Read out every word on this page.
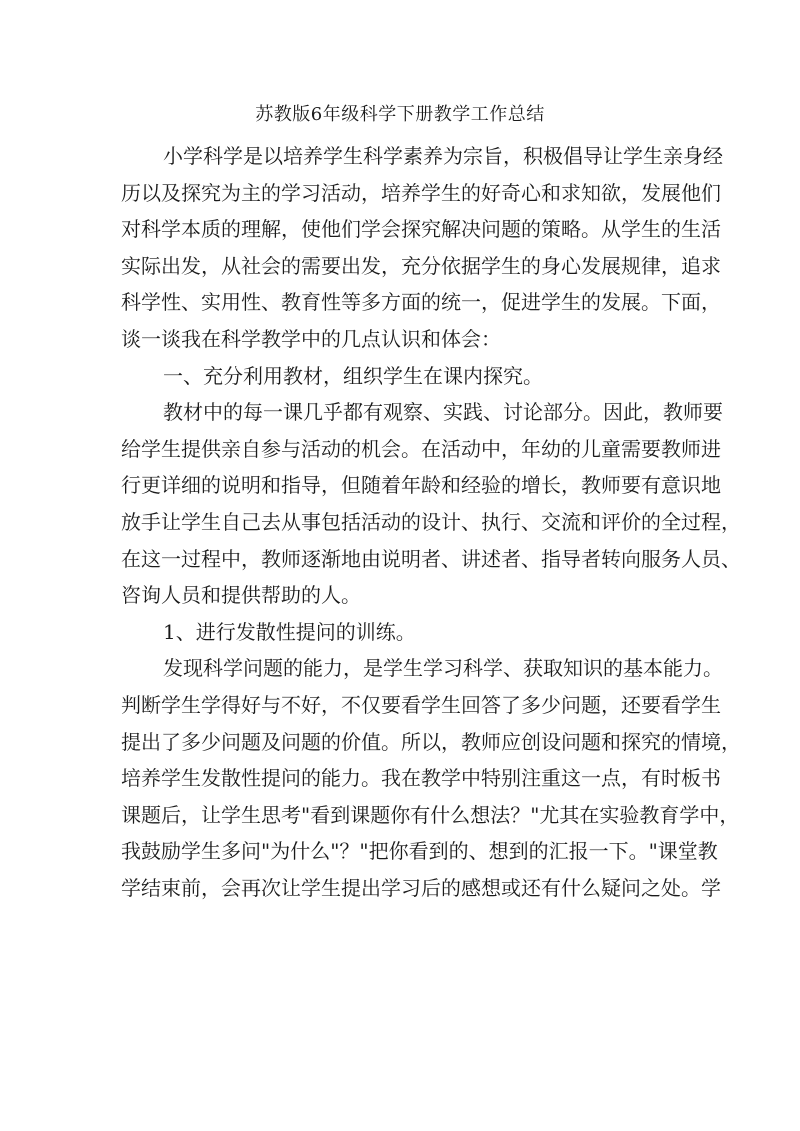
苏教版6年级科学下册教学工作总结
小学科学是以培养学生科学素养为宗旨，积极倡导让学生亲身经
历以及探究为主的学习活动，培养学生的好奇心和求知欲，发展他们
对科学本质的理解，使他们学会探究解决问题的策略。从学生的生活
实际出发，从社会的需要出发，充分依据学生的身心发展规律，追求
科学性、实用性、教育性等多方面的统一，促进学生的发展。下面，
谈一谈我在科学教学中的几点认识和体会：
一、充分利用教材，组织学生在课内探究。
教材中的每一课几乎都有观察、实践、讨论部分。因此，教师要
给学生提供亲自参与活动的机会。在活动中，年幼的儿童需要教师进
行更详细的说明和指导，但随着年龄和经验的增长，教师要有意识地
放手让学生自己去从事包括活动的设计、执行、交流和评价的全过程，
在这一过程中，教师逐渐地由说明者、讲述者、指导者转向服务人员、
咨询人员和提供帮助的人。
1、进行发散性提问的训练。
发现科学问题的能力，是学生学习科学、获取知识的基本能力。
判断学生学得好与不好，不仅要看学生回答了多少问题，还要看学生
提出了多少问题及问题的价值。所以，教师应创设问题和探究的情境，
培养学生发散性提问的能力。我在教学中特别注重这一点，有时板书
课题后，让学生思考"看到课题你有什么想法？"尤其在实验教育学中，
我鼓励学生多问"为什么"？"把你看到的、想到的汇报一下。"课堂教
学结束前，会再次让学生提出学习后的感想或还有什么疑问之处。学
